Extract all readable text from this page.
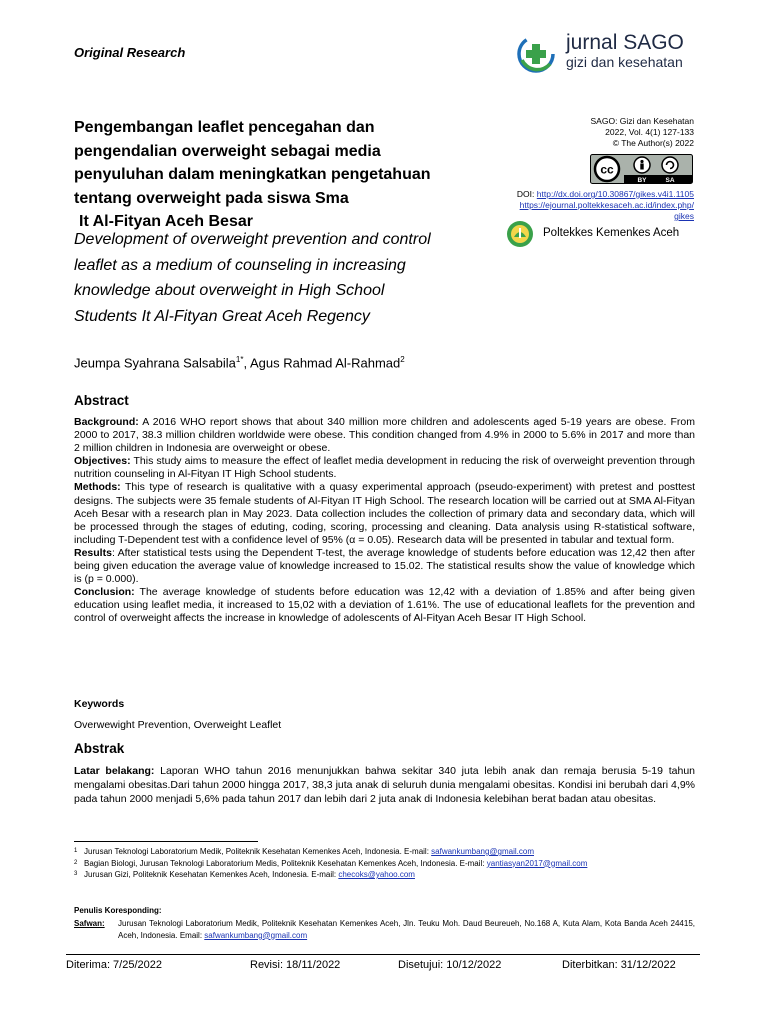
Original Research	jurnal SAGO
gizi dan kesehatan
Pengembangan leaflet pencegahan dan
pengendalian overweight sebagai media
penyuluhan dalam meningkatkan pengetahuan
tentang overweight pada siswa Sma
It Al-Fityan Aceh Besar
Development of overweight prevention and control
leaflet as a medium of counseling in increasing
knowledge about overweight in High School
Students It Al-Fityan Great Aceh Regency
SAGO: Gizi dan Kesehatan
2022, Vol. 4(1) 127-133
© The Author(s) 2022
cc
BY	SA
DOI: http://dx.doi.org/10.30867/gikes.v4i1.1105
https://ejournal.poltekkesaceh.ac.id/index.php/
gikes
Poltekkes Kemenkes Aceh
Jeumpa Syahrana Salsabila$^{1*}$, Agus Rahmad Al-Rahmad$^2$
Abstract
Background: A 2016 WHO report shows that about 340 million more children and adolescents aged 5-19 years are obese. From 2000 to 2017, 38.3 million children worldwide were obese. This condition changed from 4.9% in 2000 to 5.6% in 2017 and more than 2 million children in Indonesia are overweight or obese.
Objectives: This study aims to measure the effect of leaflet media development in reducing the risk of overweight prevention through nutrition counseling in Al-Fityan IT High School students.
Methods: This type of research is qualitative with a quasy experimental approach (pseudo-experiment) with pretest and posttest designs. The subjects were 35 female students of Al-Fityan IT High School. The research location will be carried out at SMA Al-Fityan Aceh Besar with a research plan in May 2023. Data collection includes the collection of primary data and secondary data, which will be processed through the stages of eduting, coding, scoring, processing and cleaning. Data analysis using R-statistical software, including T-Dependent test with a confidence level of 95% (α = 0.05). Research data will be presented in tabular and textual form.
Results: After statistical tests using the Dependent T-test, the average knowledge of students before education was 12,42 then after being given education the average value of knowledge increased to 15.02. The statistical results show the value of knowledge which is (p = 0.000).
Conclusion: The average knowledge of students before education was 12,42 with a deviation of 1.85% and after being given education using leaflet media, it increased to 15,02 with a deviation of 1.61%. The use of educational leaflets for the prevention and control of overweight affects the increase in knowledge of adolescents of Al-Fityan Aceh Besar IT High School.
Keywords
Overwewight Prevention, Overweight Leaflet
Abstrak
Latar belakang: Laporan WHO tahun 2016 menunjukkan bahwa sekitar 340 juta lebih anak dan remaja berusia 5-19 tahun mengalami obesitas.Dari tahun 2000 hingga 2017, 38,3 juta anak di seluruh dunia mengalami obesitas. Kondisi ini berubah dari 4,9% pada tahun 2000 menjadi 5,6% pada tahun 2017 dan lebih dari 2 juta anak di Indonesia kelebihan berat badan atau obesitas.
1 Jurusan Teknologi Laboratorium Medik, Politeknik Kesehatan Kemenkes Aceh, Indonesia. E-mail: safwankumbang@gmail.com
2 Bagian Biologi, Jurusan Teknologi Laboratorium Medis, Politeknik Kesehatan Kemenkes Aceh, Indonesia. E-mail: yantiasyan2017@gmail.com
3 Jurusan Gizi, Politeknik Kesehatan Kemenkes Aceh, Indonesia. E-mail: checoks@yahoo.com
Penulis Koresponding:
Safwan:	Jurusan Teknologi Laboratorium Medik, Politeknik Kesehatan Kemenkes Aceh, Jln. Teuku Moh. Daud Beureueh, No.168 A, Kuta Alam, Kota Banda Aceh 24415, Aceh, Indonesia. Email: safwankumbang@gmail.com
Diterima: 7/25/2022	Revisi: 18/11/2022	Disetujui: 10/12/2022	Diterbitkan: 31/12/2022
